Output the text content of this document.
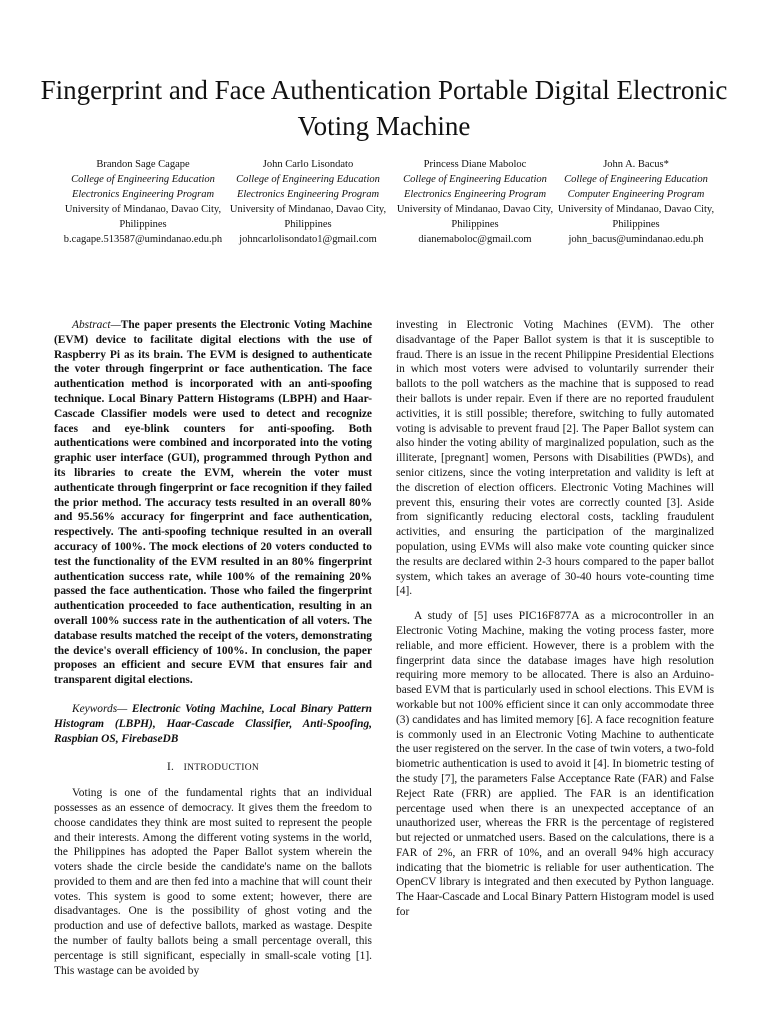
Fingerprint and Face Authentication Portable Digital Electronic Voting Machine
Brandon Sage Cagape
College of Engineering Education
Electronics Engineering Program
University of Mindanao, Davao City, Philippines
b.cagape.513587@umindanao.edu.ph
John Carlo Lisondato
College of Engineering Education
Electronics Engineering Program
University of Mindanao, Davao City, Philippines
johncarlolisondato1@gmail.com
Princess Diane Maboloc
College of Engineering Education
Electronics Engineering Program
University of Mindanao, Davao City, Philippines
dianemaboloc@gmail.com
John A. Bacus*
College of Engineering Education
Computer Engineering Program
University of Mindanao, Davao City, Philippines
john_bacus@umindanao.edu.ph

Abstract—The paper presents the Electronic Voting Machine (EVM) device to facilitate digital elections with the use of Raspberry Pi as its brain. The EVM is designed to authenticate the voter through fingerprint or face authentication. The face authentication method is incorporated with an anti-spoofing technique. Local Binary Pattern Histograms (LBPH) and Haar-Cascade Classifier models were used to detect and recognize faces and eye-blink counters for anti-spoofing. Both authentications were combined and incorporated into the voting graphic user interface (GUI), programmed through Python and its libraries to create the EVM, wherein the voter must authenticate through fingerprint or face recognition if they failed the prior method. The accuracy tests resulted in an overall 80% and 95.56% accuracy for fingerprint and face authentication, respectively. The anti-spoofing technique resulted in an overall accuracy of 100%. The mock elections of 20 voters conducted to test the functionality of the EVM resulted in an 80% fingerprint authentication success rate, while 100% of the remaining 20% passed the face authentication. Those who failed the fingerprint authentication proceeded to face authentication, resulting in an overall 100% success rate in the authentication of all voters. The database results matched the receipt of the voters, demonstrating the device's overall efficiency of 100%. In conclusion, the paper proposes an efficient and secure EVM that ensures fair and transparent digital elections.

Keywords— Electronic Voting Machine, Local Binary Pattern Histogram (LBPH), Haar-Cascade Classifier, Anti-Spoofing, Raspbian OS, FirebaseDB

I. INTRODUCTION

Voting is one of the fundamental rights that an individual possesses as an essence of democracy. It gives them the freedom to choose candidates they think are most suited to represent the people and their interests. Among the different voting systems in the world, the Philippines has adopted the Paper Ballot system wherein the voters shade the circle beside the candidate's name on the ballots provided to them and are then fed into a machine that will count their votes. This system is good to some extent; however, there are disadvantages. One is the possibility of ghost voting and the production and use of defective ballots, marked as wastage. Despite the number of faulty ballots being a small percentage overall, this percentage is still significant, especially in small-scale voting [1]. This wastage can be avoided by

investing in Electronic Voting Machines (EVM). The other disadvantage of the Paper Ballot system is that it is susceptible to fraud. There is an issue in the recent Philippine Presidential Elections in which most voters were advised to voluntarily surrender their ballots to the poll watchers as the machine that is supposed to read their ballots is under repair. Even if there are no reported fraudulent activities, it is still possible; therefore, switching to fully automated voting is advisable to prevent fraud [2]. The Paper Ballot system can also hinder the voting ability of marginalized population, such as the illiterate, [pregnant] women, Persons with Disabilities (PWDs), and senior citizens, since the voting interpretation and validity is left at the discretion of election officers. Electronic Voting Machines will prevent this, ensuring their votes are correctly counted [3]. Aside from significantly reducing electoral costs, tackling fraudulent activities, and ensuring the participation of the marginalized population, using EVMs will also make vote counting quicker since the results are declared within 2-3 hours compared to the paper ballot system, which takes an average of 30-40 hours vote-counting time [4].

A study of [5] uses PIC16F877A as a microcontroller in an Electronic Voting Machine, making the voting process faster, more reliable, and more efficient. However, there is a problem with the fingerprint data since the database images have high resolution requiring more memory to be allocated. There is also an Arduino-based EVM that is particularly used in school elections. This EVM is workable but not 100% efficient since it can only accommodate three (3) candidates and has limited memory [6]. A face recognition feature is commonly used in an Electronic Voting Machine to authenticate the user registered on the server. In the case of twin voters, a two-fold biometric authentication is used to avoid it [4]. In biometric testing of the study [7], the parameters False Acceptance Rate (FAR) and False Reject Rate (FRR) are applied. The FAR is an identification percentage used when there is an unexpected acceptance of an unauthorized user, whereas the FRR is the percentage of registered but rejected or unmatched users. Based on the calculations, there is a FAR of 2%, an FRR of 10%, and an overall 94% high accuracy indicating that the biometric is reliable for user authentication. The OpenCV library is integrated and then executed by Python language. The Haar-Cascade and Local Binary Pattern Histogram model is used for
